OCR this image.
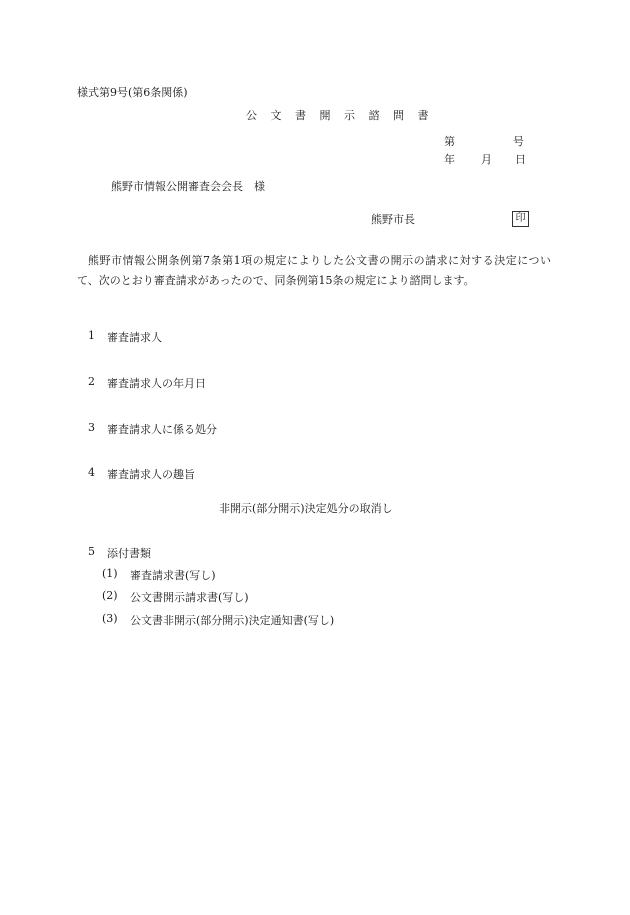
様式第9号(第6条関係)
公 文 書 開 示 諮 問 書
第	号
年 月 日
熊野市情報公開審査会会長　様
熊野市長	印
熊野市情報公開条例第7条第1項の規定によりした公文書の開示の請求に対する決定について、次のとおり審査請求があったので、同条例第15条の規定により諮問します。
1 審査請求人
2 審査請求人の年月日
3 審査請求人に係る処分
4 審査請求人の趣旨
非開示(部分開示)決定処分の取消し
5 添付書類
(1) 審査請求書(写し)
(2) 公文書開示請求書(写し)
(3) 公文書非開示(部分開示)決定通知書(写し)
